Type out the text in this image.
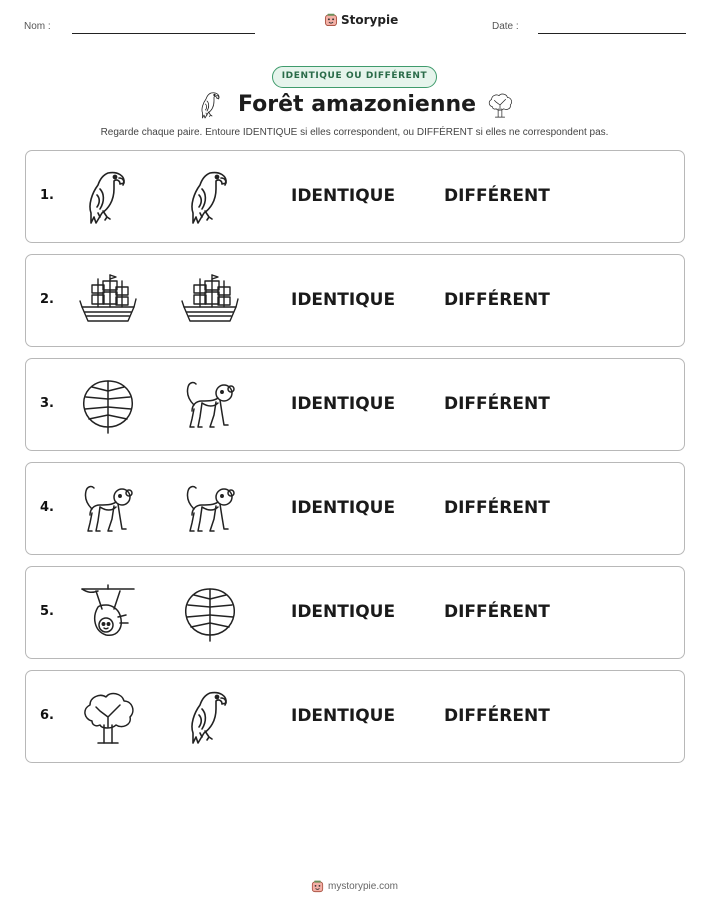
Nom :	Storypie	Date :
IDENTIQUE OU DIFFÉRENT
Forêt amazonienne
Regarde chaque paire. Entoure IDENTIQUE si elles correspondent, ou DIFFÉRENT si elles ne correspondent pas.
1.	IDENTIQUE	DIFFÉRENT
2.	IDENTIQUE	DIFFÉRENT
3.	IDENTIQUE	DIFFÉRENT
4.	IDENTIQUE	DIFFÉRENT
5.	IDENTIQUE	DIFFÉRENT
6.	IDENTIQUE	DIFFÉRENT
mystorypie.com
